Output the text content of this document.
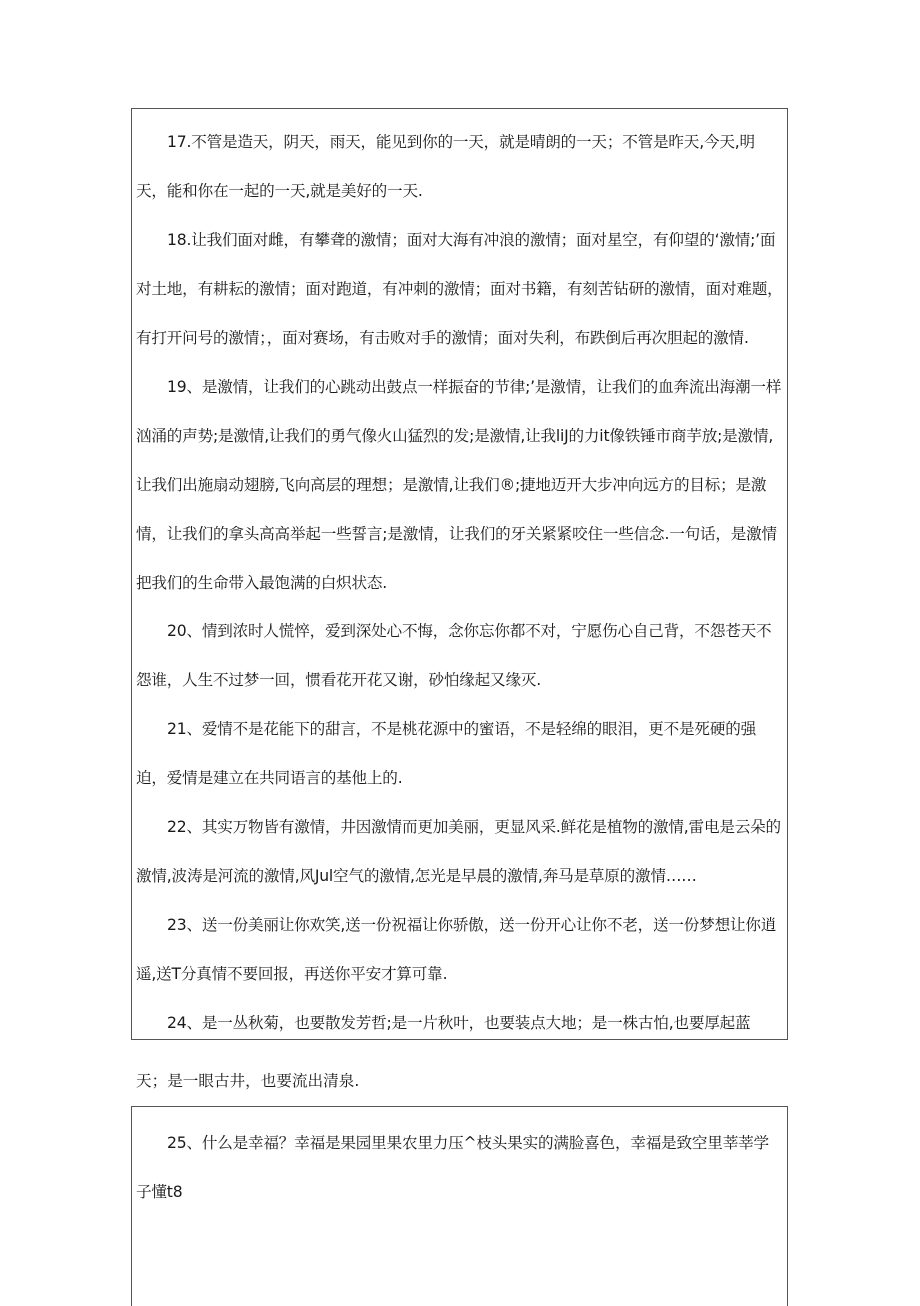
17.不管是造天，阴天，雨天，能见到你的一天，就是晴朗的一天；不管是昨天,今天,明天，能和你在一起的一天,就是美好的一天.

18.让我们面对雌，有攀聋的激情；面对大海有冲浪的激情；面对星空，有仰望的‘激情;’面对土地，有耕耘的激情；面对跑道，有冲刺的激情；面对书籍，有刻苦钻研的激情，面对难题，有打开问号的激情；，面对赛场，有击败对手的激情；面对失利，布跌倒后再次胆起的激情.

19、是激情，让我们的心跳动出鼓点一样振奋的节律;’是激情，让我们的血奔流出海潮一样汹涌的声势;是激情,让我们的勇气像火山猛烈的发;是激情,让我liJ的力it像铁锤市商芋放;是激情,让我们出施扇动翅膀,飞向高层的理想；是激情,让我们®;捷地迈开大步冲向远方的目标；是激情，让我们的拿头高高举起一些誓言;是激情，让我们的牙关紧紧咬住一些信念.一句话，是激情把我们的生命带入最饱满的白炽状态.

20、情到浓时人慌悴，爱到深处心不悔，念你忘你都不对，宁愿伤心自己背，不怨苍天不怨谁，人生不过梦一回，惯看花开花又谢，砂怕缘起又缘灭.

21、爱情不是花能下的甜言，不是桃花源中的蜜语，不是轻绵的眼泪，更不是死硬的强迫，爱情是建立在共同语言的基他上的.

22、其实万物皆有激情，井因激情而更加美丽，更显风采.鲜花是植物的激情,雷电是云朵的激情,波涛是河流的激情,风Jul空气的激情,怎光是早晨的激情,奔马是草原的激情……

23、送一份美丽让你欢笑,送一份祝福让你骄傲，送一份开心让你不老，送一份梦想让你逍遥,送T分真情不要回报，再送你平安才算可靠.

24、是一丛秋菊，也要散发芳哲;是一片秋叶，也要装点大地；是一株古怕,也要厚起蓝

天；是一眼古井，也要流出清泉.

25、什么是幸福？幸福是果园里果农里力压^枝头果实的满脸喜色，幸福是致空里莘莘学子懂t8
